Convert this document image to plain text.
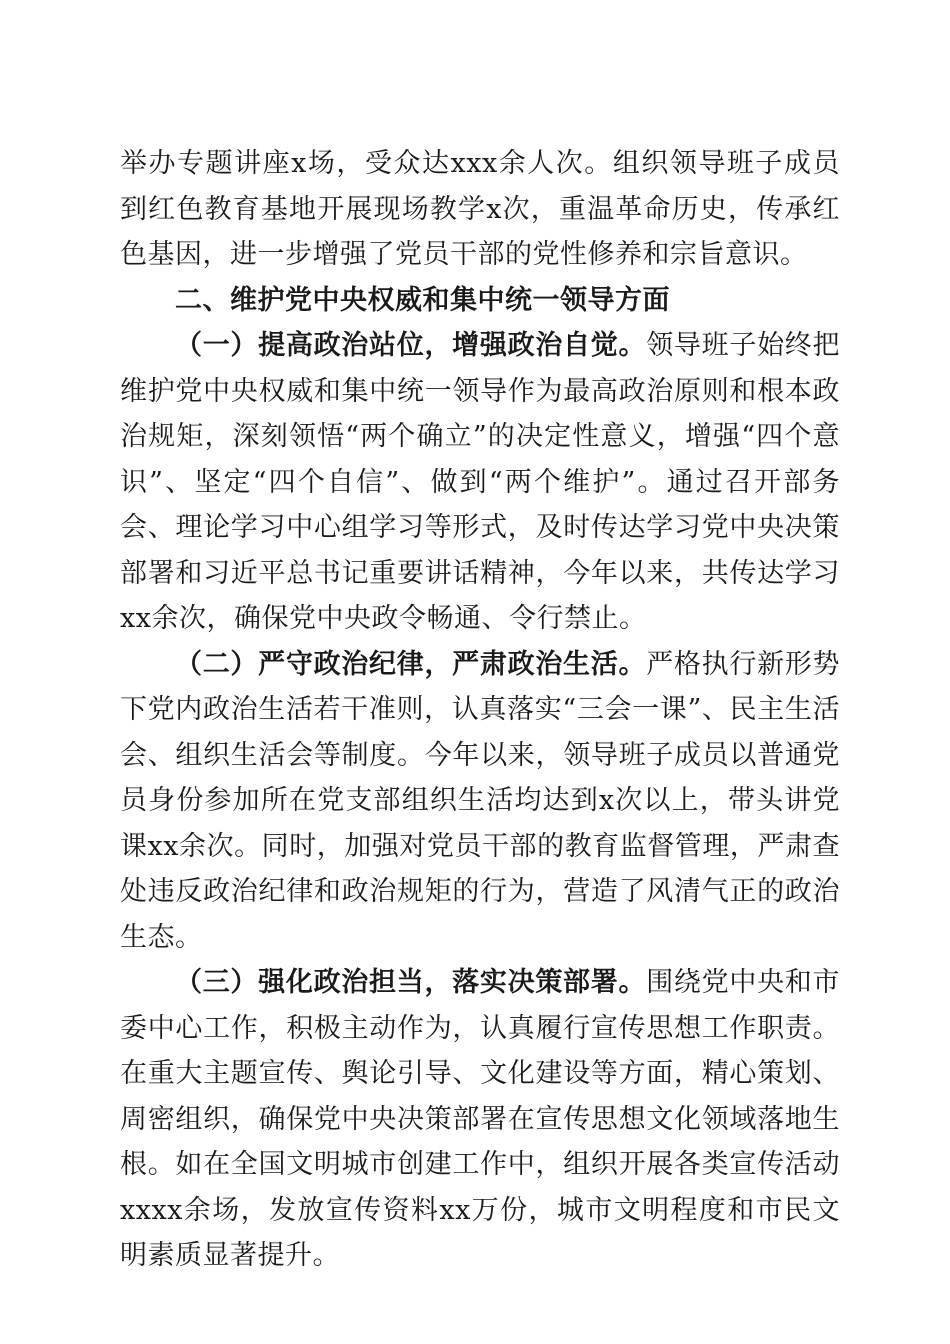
举办专题讲座x场，受众达xxx余人次。组织领导班子成员到红色教育基地开展现场教学x次，重温革命历史，传承红色基因，进一步增强了党员干部的党性修养和宗旨意识。

二、维护党中央权威和集中统一领导方面

（一）提高政治站位，增强政治自觉。领导班子始终把维护党中央权威和集中统一领导作为最高政治原则和根本政治规矩，深刻领悟“两个确立”的决定性意义，增强“四个意识”、坚定“四个自信”、做到“两个维护”。通过召开部务会、理论学习中心组学习等形式，及时传达学习党中央决策部署和习近平总书记重要讲话精神，今年以来，共传达学习xx余次，确保党中央政令畅通、令行禁止。

（二）严守政治纪律，严肃政治生活。严格执行新形势下党内政治生活若干准则，认真落实“三会一课”、民主生活会、组织生活会等制度。今年以来，领导班子成员以普通党员身份参加所在党支部组织生活均达到x次以上，带头讲党课xx余次。同时，加强对党员干部的教育监督管理，严肃查处违反政治纪律和政治规矩的行为，营造了风清气正的政治生态。

（三）强化政治担当，落实决策部署。围绕党中央和市委中心工作，积极主动作为，认真履行宣传思想工作职责。在重大主题宣传、舆论引导、文化建设等方面，精心策划、周密组织，确保党中央决策部署在宣传思想文化领域落地生根。如在全国文明城市创建工作中，组织开展各类宣传活动xxxx余场，发放宣传资料xx万份，城市文明程度和市民文明素质显著提升。
